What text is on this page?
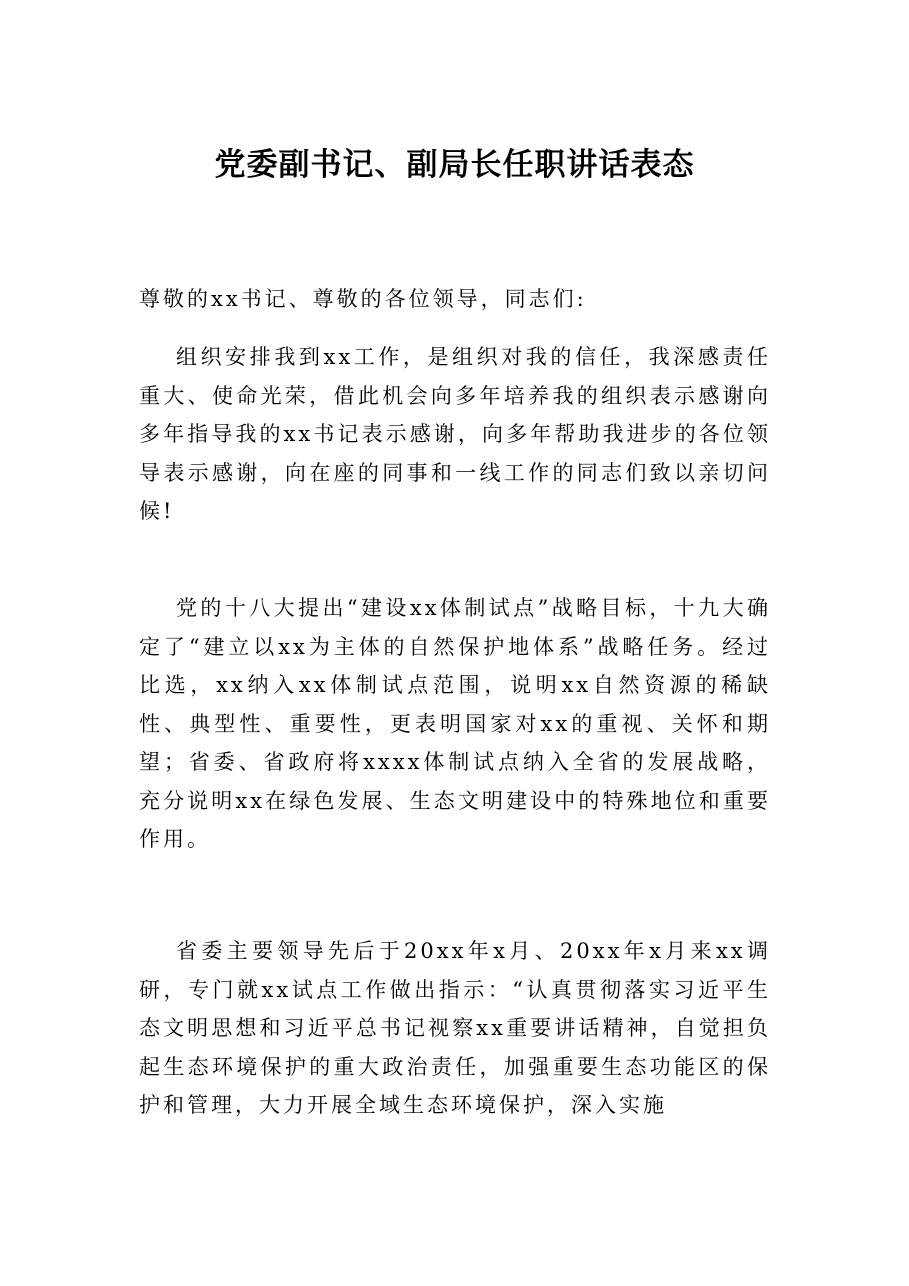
党委副书记、副局长任职讲话表态

尊敬的xx书记、尊敬的各位领导，同志们:

组织安排我到xx工作，是组织对我的信任，我深感责任重大、使命光荣，借此机会向多年培养我的组织表示感谢向多年指导我的xx书记表示感谢，向多年帮助我进步的各位领导表示感谢，向在座的同事和一线工作的同志们致以亲切问候!

党的十八大提出“建设xx体制试点”战略目标，十九大确定了“建立以xx为主体的自然保护地体系”战略任务。经过比选，xx纳入xx体制试点范围，说明xx自然资源的稀缺性、典型性、重要性，更表明国家对xx的重视、关怀和期望；省委、省政府将xxxx体制试点纳入全省的发展战略，充分说明xx在绿色发展、生态文明建设中的特殊地位和重要作用。

省委主要领导先后于20xx年x月、20xx年x月来xx调研，专门就xx试点工作做出指示：“认真贯彻落实习近平生态文明思想和习近平总书记视察xx重要讲话精神，自觉担负起生态环境保护的重大政治责任，加强重要生态功能区的保护和管理，大力开展全域生态环境保护，深入实施
